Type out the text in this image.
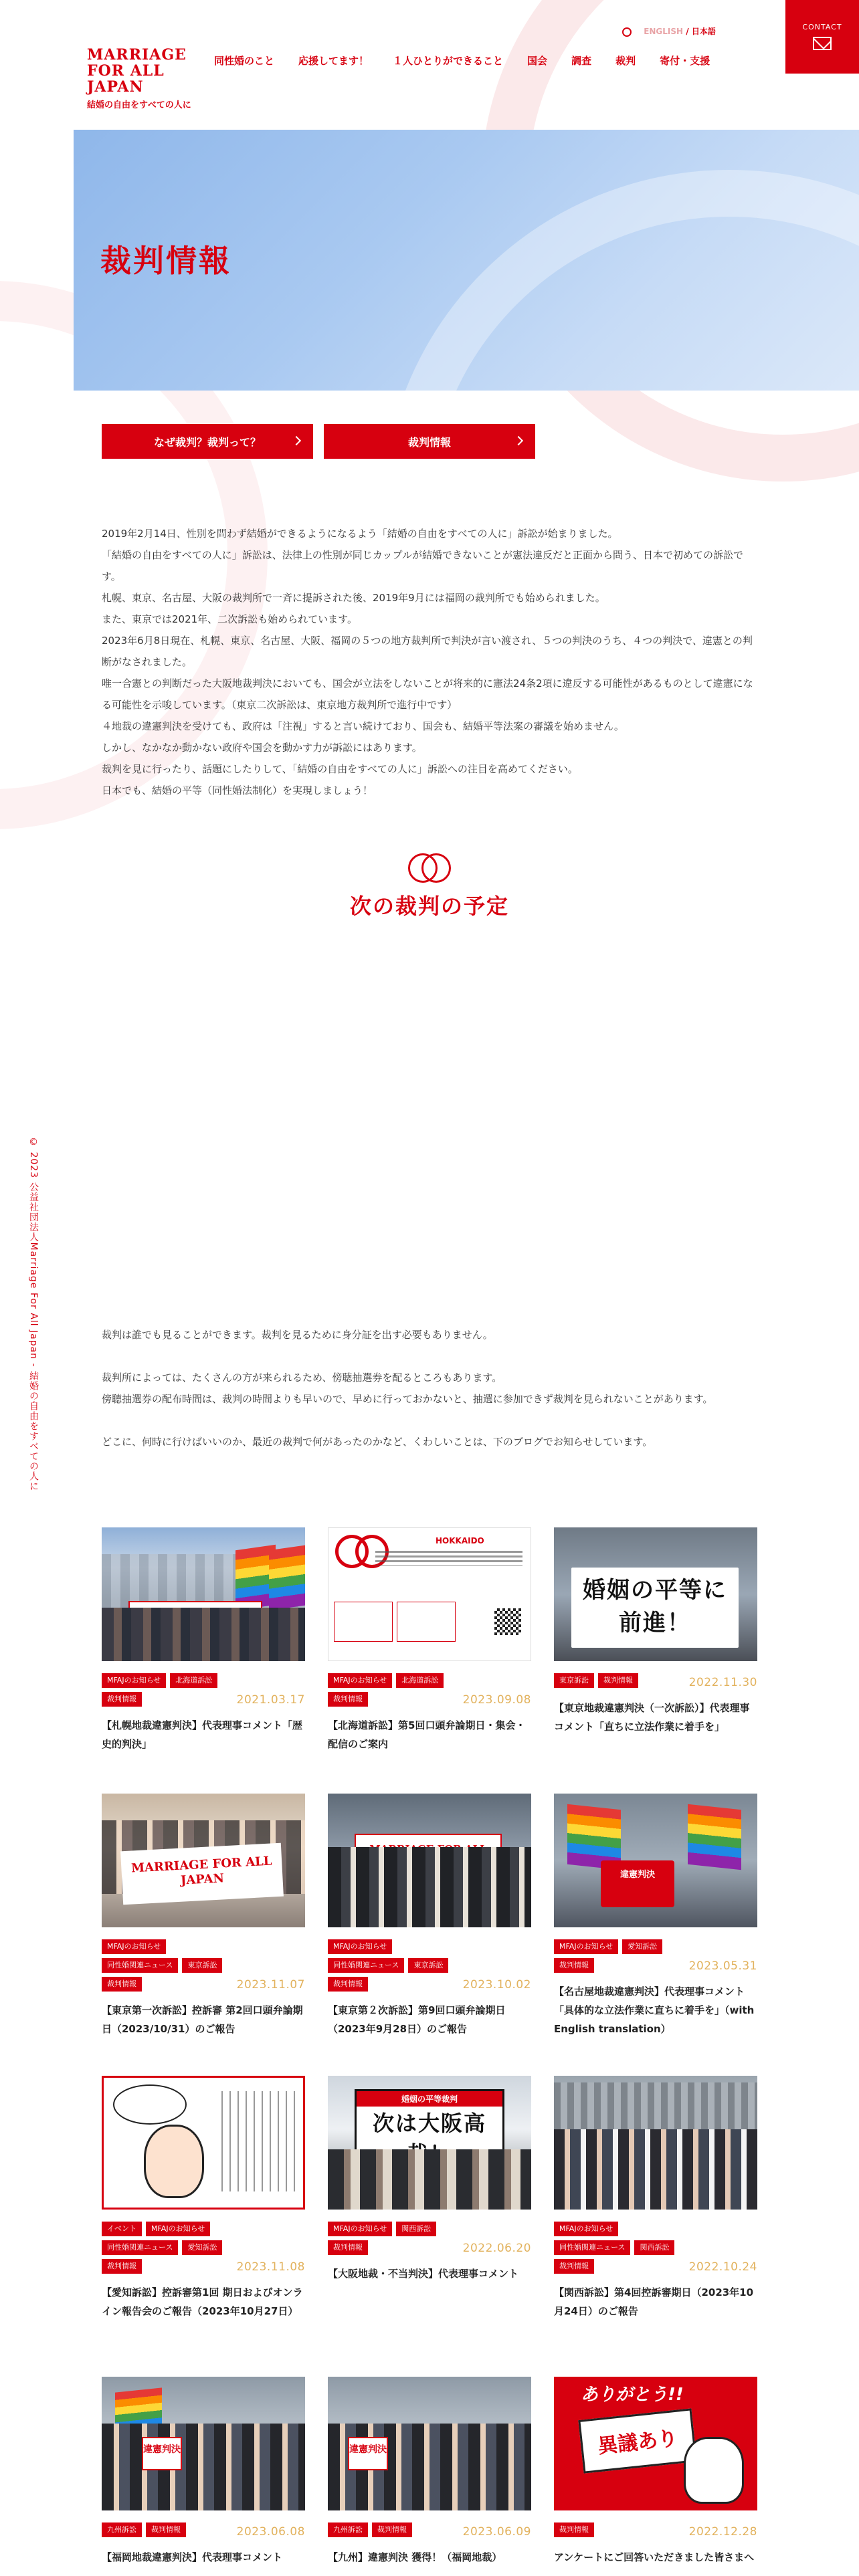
MARRIAGE
FOR ALL JAPAN
結婚の自由をすべての人に
同性婚のこと	応援してます！	１人ひとりができること	国会	調査	裁判	寄付・支援
ENGLISH / 日本語	CONTACT
裁判情報
なぜ裁判？裁判って？	裁判情報

2019年2月14日、性別を問わず結婚ができるようになるよう「結婚の自由をすべての人に」訴訟が始まりました。

「結婚の自由をすべての人に」訴訟は、法律上の性別が同じカップルが結婚できないことが憲法違反だと正面から問う、日本で初めての訴訟です。

札幌、東京、名古屋、大阪の裁判所で一斉に提訴された後、2019年9月には福岡の裁判所でも始められました。

また、東京では2021年、二次訴訟も始められています。

2023年6月8日現在、札幌、東京、名古屋、大阪、福岡の５つの地方裁判所で判決が言い渡され、５つの判決のうち、４つの判決で、違憲との判断がなされました。

唯一合憲との判断だった大阪地裁判決においても、国会が立法をしないことが将来的に憲法24条2項に違反する可能性があるものとして違憲になる可能性を示唆しています。（東京二次訴訟は、東京地方裁判所で進行中です）

４地裁の違憲判決を受けても、政府は「注視」すると言い続けており、国会も、結婚平等法案の審議を始めません。

しかし、なかなか動かない政府や国会を動かす力が訴訟にはあります。

裁判を見に行ったり、話題にしたりして、「結婚の自由をすべての人に」訴訟への注目を高めてください。

日本でも、結婚の平等（同性婚法制化）を実現しましょう！

次の裁判の予定

裁判は誰でも見ることができます。裁判を見るために身分証を出す必要もありません。

裁判所によっては、たくさんの方が来られるため、傍聴抽選券を配るところもあります。

傍聴抽選券の配布時間は、裁判の時間よりも早いので、早めに行っておかないと、抽選に参加できず裁判を見られないことがあります。

どこに、何時に行けばいいのか、最近の裁判で何があったのかなど、くわしいことは、下のブログでお知らせしています。

© 2023 公益社団法人Marriage For All Japan - 結婚の自由をすべての人に
MFAJのお知らせ	北海道訴訟
裁判情報	2021.03.17
【札幌地裁違憲判決】代表理事コメント「歴史的判決」
HOKKAIDO
MFAJのお知らせ	北海道訴訟
裁判情報	2023.09.08
【北海道訴訟】第5回口頭弁論期日・集会・配信のご案内
婚姻の平等に 前進！
東京訴訟	裁判情報	2022.11.30
【東京地裁違憲判決（一次訴訟）】代表理事コメント「直ちに立法作業に着手を」
MARRIAGE FOR ALL JAPAN
MFAJのお知らせ
同性婚関連ニュース	東京訴訟
裁判情報	2023.11.07
【東京第一次訴訟】控訴審 第2回口頭弁論期日（2023/10/31）のご報告
MFAJのお知らせ
同性婚関連ニュース	東京訴訟
裁判情報	2023.10.02
【東京第２次訴訟】第9回口頭弁論期日（2023年9月28日）のご報告
違憲判決
MFAJのお知らせ	愛知訴訟
裁判情報	2023.05.31
【名古屋地裁違憲判決】代表理事コメント「具体的な立法作業に直ちに着手を」（with English translation）
イベント	MFAJのお知らせ
同性婚関連ニュース	愛知訴訟
裁判情報	2023.11.08
【愛知訴訟】控訴審第1回 期日およびオンライン報告会のご報告（2023年10月27日）
婚姻の平等裁判
次は大阪高
MFAJのお知らせ	関西訴訟
裁判情報	2022.06.20
【大阪地裁・不当判決】代表理事コメント
MFAJのお知らせ
同性婚関連ニュース	関西訴訟
裁判情報	2022.10.24
【関西訴訟】第4回控訴審期日（2023年10月24日）のご報告
違憲判決
九州訴訟	裁判情報	2023.06.08
【福岡地裁違憲判決】代表理事コメント
違憲判決
九州訴訟	裁判情報	2023.06.09
【九州】違憲判決 獲得！（福岡地裁）
ありがとう!!
異議あり
裁判情報	2022.12.28
アンケートにご回答いただきました皆さまへ
